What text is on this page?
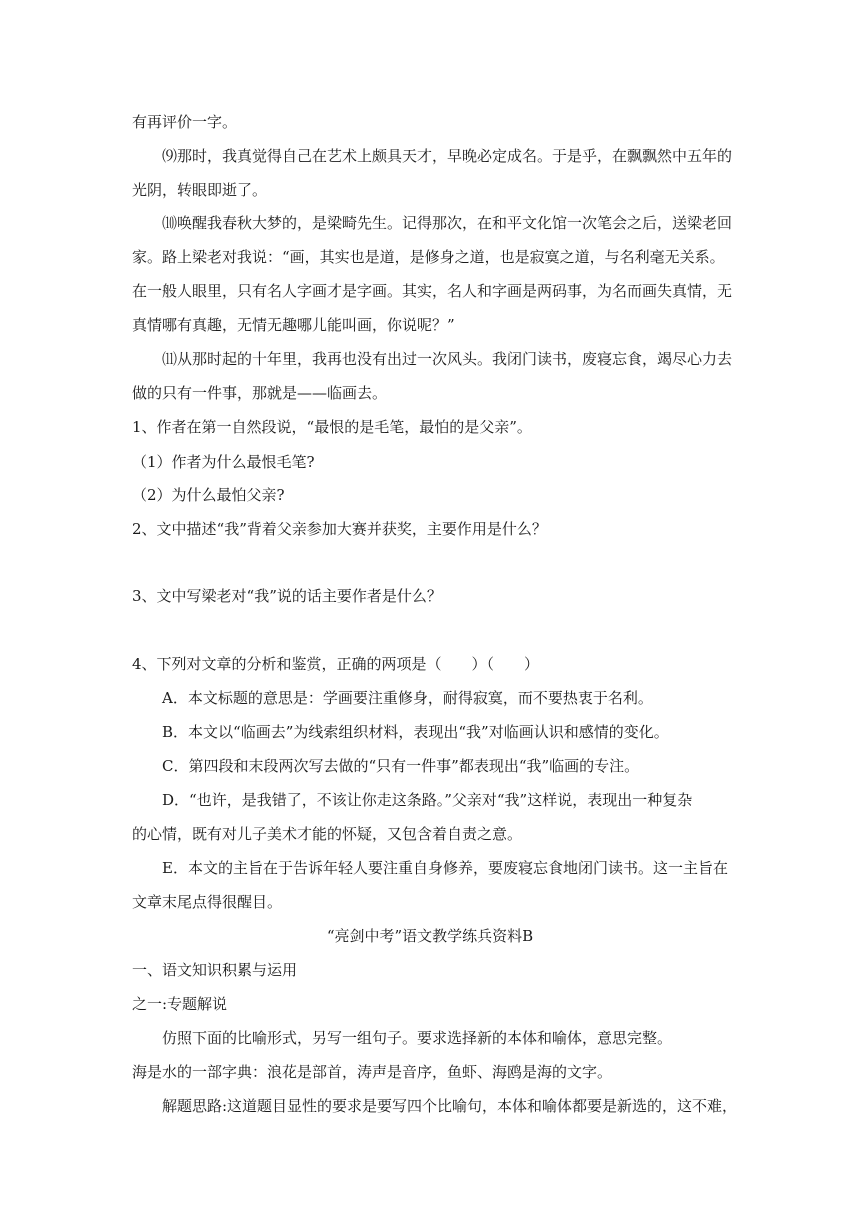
有再评价一字。
⑼那时，我真觉得自己在艺术上颇具天才，早晚必定成名。于是乎，在飘飘然中五年的
光阴，转眼即逝了。
⑽唤醒我春秋大梦的，是梁畸先生。记得那次，在和平文化馆一次笔会之后，送梁老回
家。路上梁老对我说：“画，其实也是道，是修身之道，也是寂寞之道，与名利毫无关系。
在一般人眼里，只有名人字画才是字画。其实，名人和字画是两码事，为名而画失真情，无
真情哪有真趣，无情无趣哪儿能叫画，你说呢？”
⑾从那时起的十年里，我再也没有出过一次风头。我闭门读书，废寝忘食，竭尽心力去
做的只有一件事，那就是——临画去。
1、作者在第一自然段说，“最恨的是毛笔，最怕的是父亲”。
（1）作者为什么最恨毛笔?
（2）为什么最怕父亲?
2、文中描述“我”背着父亲参加大赛并获奖，主要作用是什么？
3、文中写梁老对“我”说的话主要作者是什么？
4、下列对文章的分析和鉴赏，正确的两项是（　　）（　　）
A．本文标题的意思是：学画要注重修身，耐得寂寞，而不要热衷于名利。
B．本文以“临画去”为线索组织材料，表现出“我”对临画认识和感情的变化。
C．第四段和末段两次写去做的“只有一件事”都表现出“我”临画的专注。
D．“也许，是我错了，不该让你走这条路。”父亲对“我”这样说，表现出一种复杂
的心情，既有对儿子美术才能的怀疑，又包含着自责之意。
E．本文的主旨在于告诉年轻人要注重自身修养，要废寝忘食地闭门读书。这一主旨在
文章末尾点得很醒目。
“亮剑中考”语文教学练兵资料B
一、语文知识积累与运用
之一:专题解说
仿照下面的比喻形式，另写一组句子。要求选择新的本体和喻体，意思完整。
海是水的一部字典：浪花是部首，涛声是音序，鱼虾、海鸥是海的文字。
解题思路:这道题目显性的要求是要写四个比喻句，本体和喻体都要是新选的，这不难，
